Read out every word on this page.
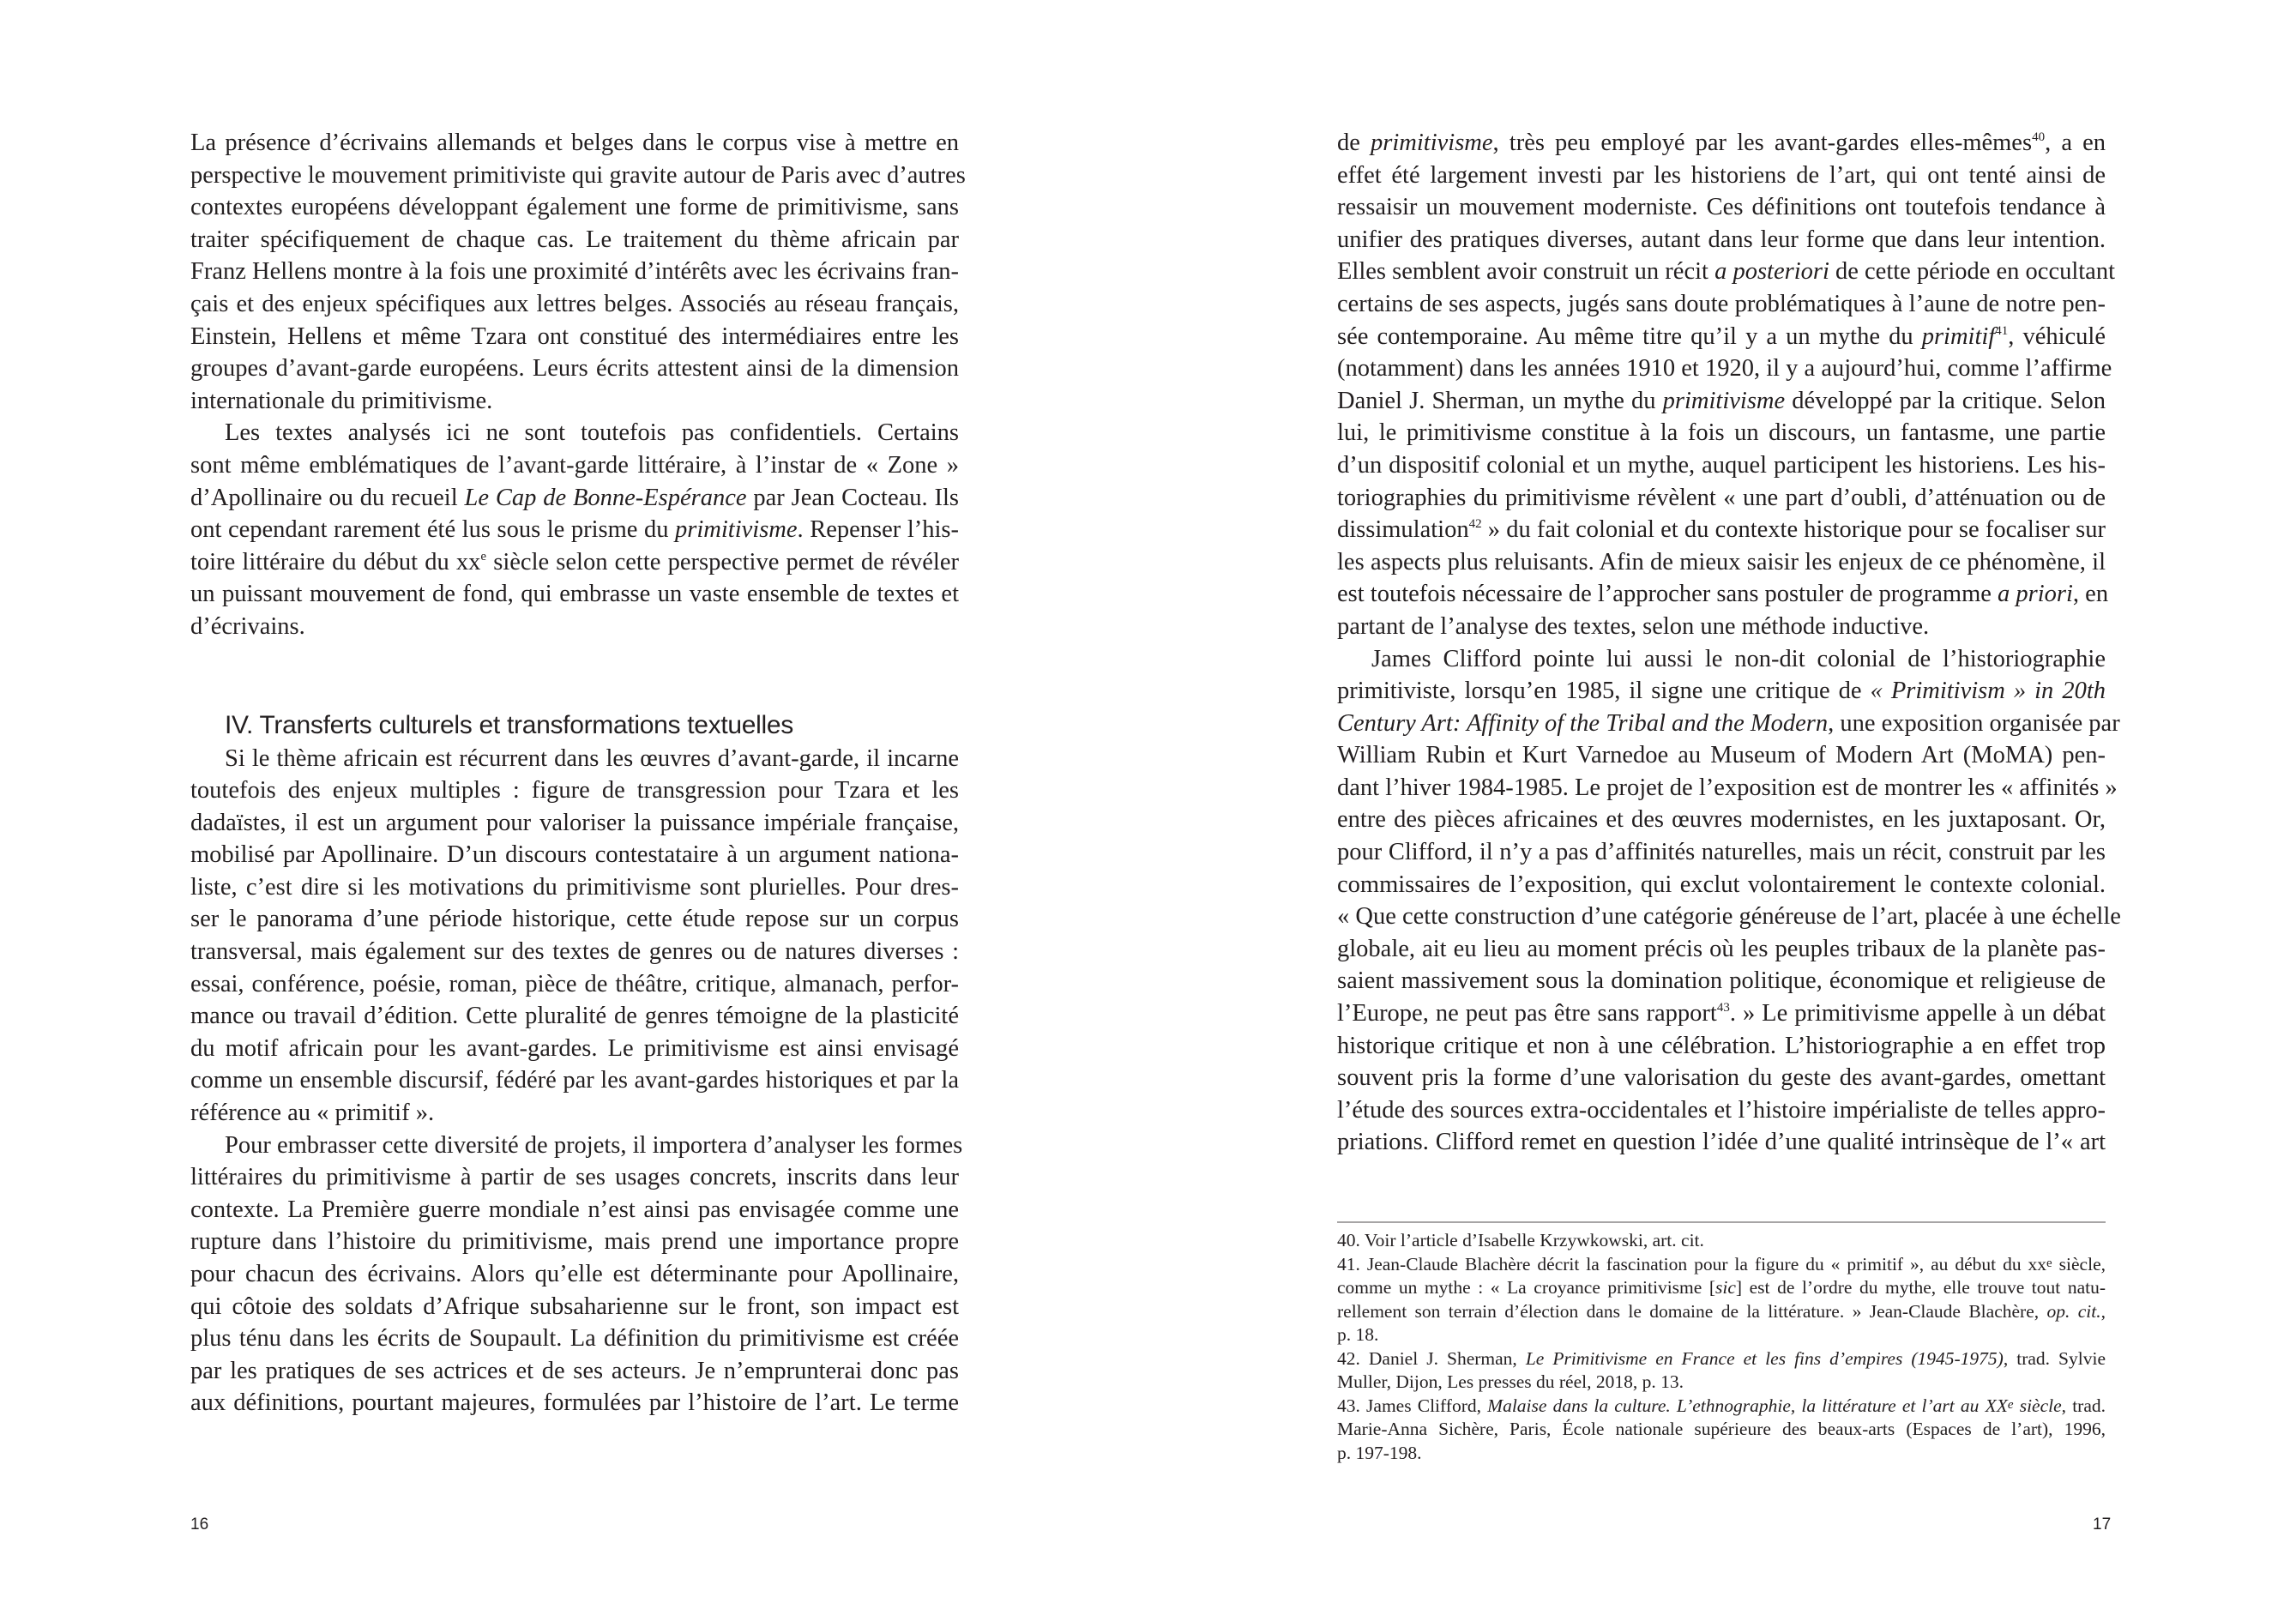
La présence d’écrivains allemands et belges dans le corpus vise à mettre en
perspective le mouvement primitiviste qui gravite autour de Paris avec d’autres
contextes européens développant également une forme de primitivisme, sans
traiter spécifiquement de chaque cas. Le traitement du thème africain par
Franz Hellens montre à la fois une proximité d’intérêts avec les écrivains fran-
çais et des enjeux spécifiques aux lettres belges. Associés au réseau français,
Einstein, Hellens et même Tzara ont constitué des intermédiaires entre les
groupes d’avant-garde européens. Leurs écrits attestent ainsi de la dimension
internationale du primitivisme.
Les textes analysés ici ne sont toutefois pas confidentiels. Certains
sont même emblématiques de l’avant-garde littéraire, à l’instar de « Zone »
d’Apollinaire ou du recueil Le Cap de Bonne-Espérance par Jean Cocteau. Ils
ont cependant rarement été lus sous le prisme du primitivisme. Repenser l’his-
toire littéraire du début du $xx^e$ siècle selon cette perspective permet de révéler
un puissant mouvement de fond, qui embrasse un vaste ensemble de textes et
d’écrivains.
IV. Transferts culturels et transformations textuelles
Si le thème africain est récurrent dans les œuvres d’avant-garde, il incarne
toutefois des enjeux multiples : figure de transgression pour Tzara et les
dadaïstes, il est un argument pour valoriser la puissance impériale française,
mobilisé par Apollinaire. D’un discours contestataire à un argument nationa-
liste, c’est dire si les motivations du primitivisme sont plurielles. Pour dres-
ser le panorama d’une période historique, cette étude repose sur un corpus
transversal, mais également sur des textes de genres ou de natures diverses :
essai, conférence, poésie, roman, pièce de théâtre, critique, almanach, perfor-
mance ou travail d’édition. Cette pluralité de genres témoigne de la plasticité
du motif africain pour les avant-gardes. Le primitivisme est ainsi envisagé
comme un ensemble discursif, fédéré par les avant-gardes historiques et par la
référence au « primitif ».
Pour embrasser cette diversité de projets, il importera d’analyser les formes
littéraires du primitivisme à partir de ses usages concrets, inscrits dans leur
contexte. La Première guerre mondiale n’est ainsi pas envisagée comme une
rupture dans l’histoire du primitivisme, mais prend une importance propre
pour chacun des écrivains. Alors qu’elle est déterminante pour Apollinaire,
qui côtoie des soldats d’Afrique subsaharienne sur le front, son impact est
plus ténu dans les écrits de Soupault. La définition du primitivisme est créée
par les pratiques de ses actrices et de ses acteurs. Je n’emprunterai donc pas
aux définitions, pourtant majeures, formulées par l’histoire de l’art. Le terme
16
de primitivisme, très peu employé par les avant-gardes elles-mêmes$^{40}$, a en
effet été largement investi par les historiens de l’art, qui ont tenté ainsi de
ressaisir un mouvement moderniste. Ces définitions ont toutefois tendance à
unifier des pratiques diverses, autant dans leur forme que dans leur intention.
Elles semblent avoir construit un récit a posteriori de cette période en occultant
certains de ses aspects, jugés sans doute problématiques à l’aune de notre pen-
sée contemporaine. Au même titre qu’il y a un mythe du primitif$^{41}$, véhiculé
(notamment) dans les années 1910 et 1920, il y a aujourd’hui, comme l’affirme
Daniel J. Sherman, un mythe du primitivisme développé par la critique. Selon
lui, le primitivisme constitue à la fois un discours, un fantasme, une partie
d’un dispositif colonial et un mythe, auquel participent les historiens. Les his-
toriographies du primitivisme révèlent « une part d’oubli, d’atténuation ou de
dissimulation$^{42}$ » du fait colonial et du contexte historique pour se focaliser sur
les aspects plus reluisants. Afin de mieux saisir les enjeux de ce phénomène, il
est toutefois nécessaire de l’approcher sans postuler de programme a priori, en
partant de l’analyse des textes, selon une méthode inductive.
James Clifford pointe lui aussi le non-dit colonial de l’historiographie
primitiviste, lorsqu’en 1985, il signe une critique de « Primitivism » in 20th
Century Art: Affinity of the Tribal and the Modern, une exposition organisée par
William Rubin et Kurt Varnedoe au Museum of Modern Art (MoMA) pen-
dant l’hiver 1984-1985. Le projet de l’exposition est de montrer les « affinités »
entre des pièces africaines et des œuvres modernistes, en les juxtaposant. Or,
pour Clifford, il n’y a pas d’affinités naturelles, mais un récit, construit par les
commissaires de l’exposition, qui exclut volontairement le contexte colonial.
« Que cette construction d’une catégorie généreuse de l’art, placée à une échelle
globale, ait eu lieu au moment précis où les peuples tribaux de la planète pas-
saient massivement sous la domination politique, économique et religieuse de
l’Europe, ne peut pas être sans rapport$^{43}$. » Le primitivisme appelle à un débat
historique critique et non à une célébration. L’historiographie a en effet trop
souvent pris la forme d’une valorisation du geste des avant-gardes, omettant
l’étude des sources extra-occidentales et l’histoire impérialiste de telles appro-
priations. Clifford remet en question l’idée d’une qualité intrinsèque de l’« art
40. Voir l’article d’Isabelle Krzywkowski, art. cit.
41. Jean-Claude Blachère décrit la fascination pour la figure du « primitif », au début du $xx^e$ siècle,
comme un mythe : « La croyance primitivisme [sic] est de l’ordre du mythe, elle trouve tout natu-
rellement son terrain d’élection dans le domaine de la littérature. » Jean-Claude Blachère, op. cit.,
p. 18.
42. Daniel J. Sherman, Le Primitivisme en France et les fins d’empires (1945-1975), trad. Sylvie
Muller, Dijon, Les presses du réel, 2018, p. 13.
43. James Clifford, Malaise dans la culture. L’ethnographie, la littérature et l’art au XXe siècle, trad.
Marie-Anna Sichère, Paris, École nationale supérieure des beaux-arts (Espaces de l’art), 1996,
p. 197-198.
17
